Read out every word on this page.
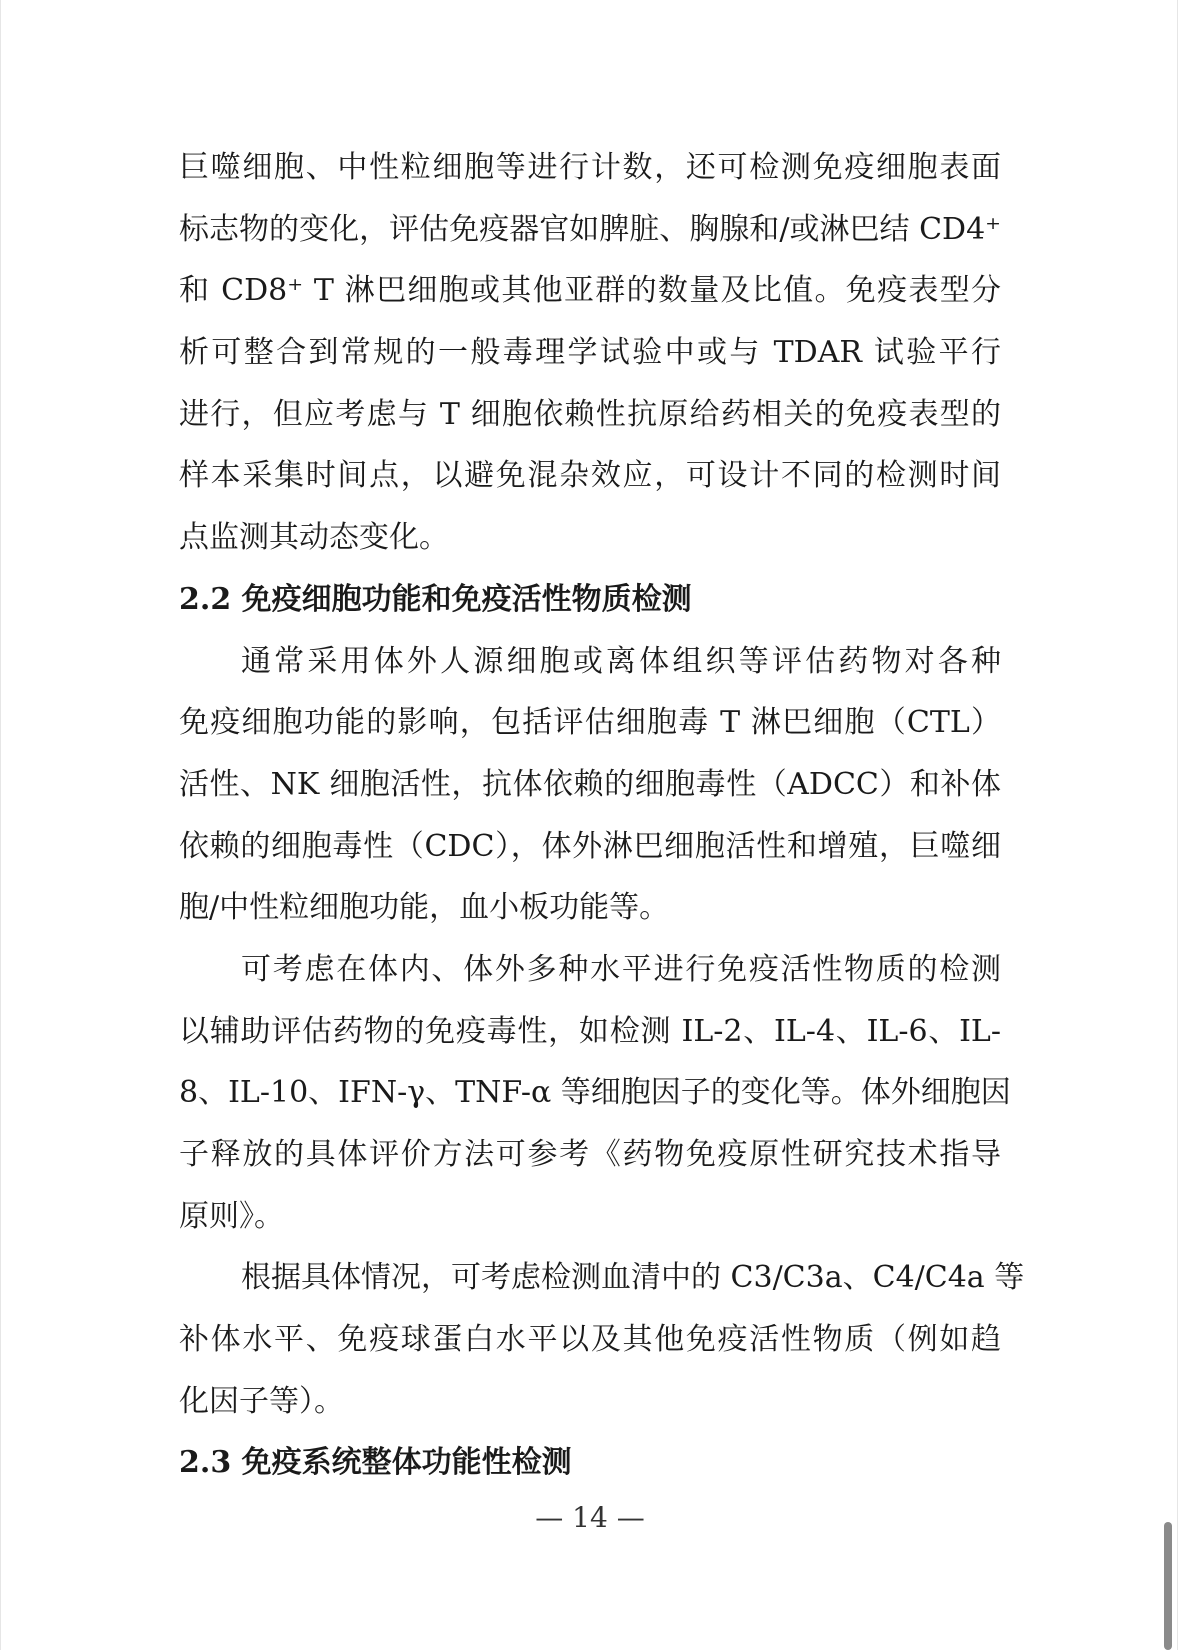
巨噬细胞、中性粒细胞等进行计数，还可检测免疫细胞表面
标志物的变化，评估免疫器官如脾脏、胸腺和/或淋巴结 CD4⁺
和 CD8⁺ T 淋巴细胞或其他亚群的数量及比值。免疫表型分
析可整合到常规的一般毒理学试验中或与 TDAR 试验平行
进行，但应考虑与 T 细胞依赖性抗原给药相关的免疫表型的
样本采集时间点，以避免混杂效应，可设计不同的检测时间
点监测其动态变化。
2.2 免疫细胞功能和免疫活性物质检测
通常采用体外人源细胞或离体组织等评估药物对各种
免疫细胞功能的影响，包括评估细胞毒 T 淋巴细胞（CTL）
活性、NK 细胞活性，抗体依赖的细胞毒性（ADCC）和补体
依赖的细胞毒性（CDC），体外淋巴细胞活性和增殖，巨噬细
胞/中性粒细胞功能，血小板功能等。
可考虑在体内、体外多种水平进行免疫活性物质的检测
以辅助评估药物的免疫毒性，如检测 IL-2、IL-4、IL-6、IL-
8、IL-10、IFN-γ、TNF-α 等细胞因子的变化等。体外细胞因
子释放的具体评价方法可参考《药物免疫原性研究技术指导
原则》。
根据具体情况，可考虑检测血清中的 C3/C3a、C4/C4a 等
补体水平、免疫球蛋白水平以及其他免疫活性物质（例如趋
化因子等）。
2.3 免疫系统整体功能性检测
— 14 —
